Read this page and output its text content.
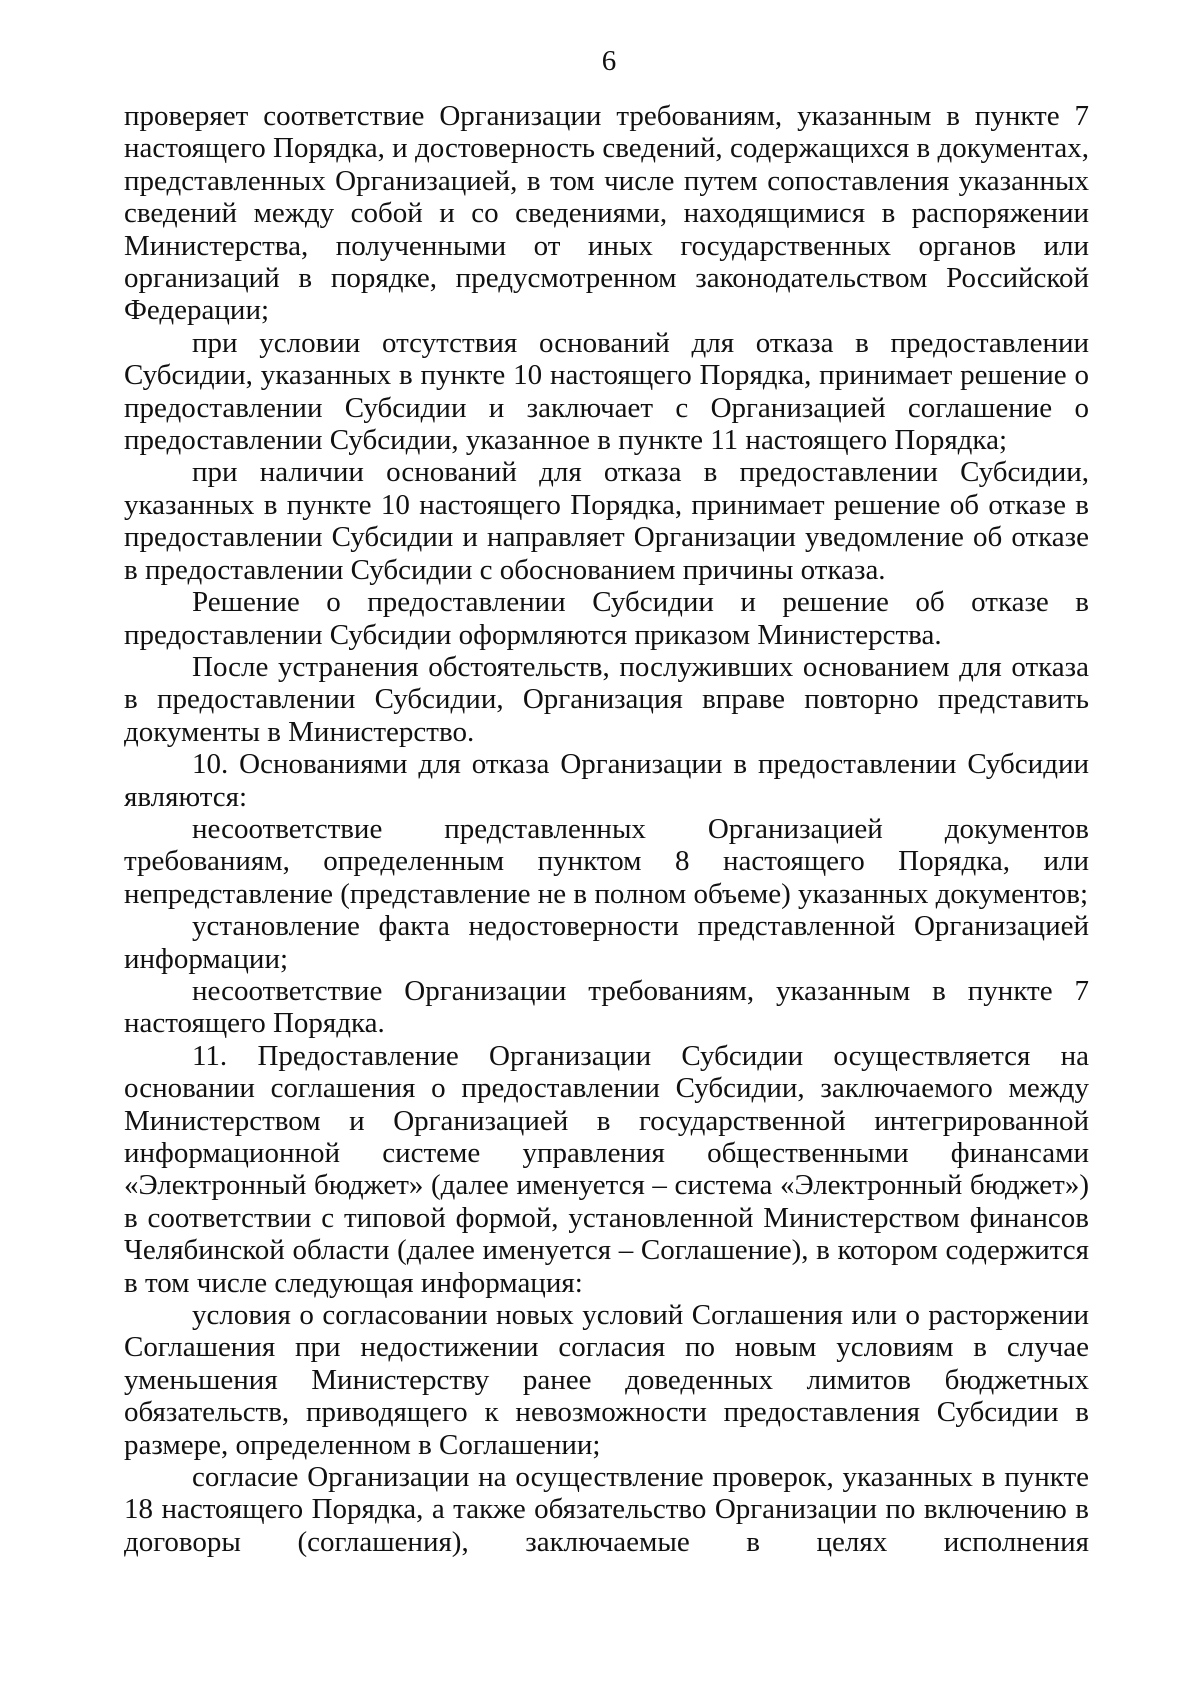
6

проверяет соответствие Организации требованиям, указанным в пункте 7 настоящего Порядка, и достоверность сведений, содержащихся в документах, представленных Организацией, в том числе путем сопоставления указанных сведений между собой и со сведениями, находящимися в распоряжении Министерства, полученными от иных государственных органов или организаций в порядке, предусмотренном законодательством Российской Федерации;

при условии отсутствия оснований для отказа в предоставлении Субсидии, указанных в пункте 10 настоящего Порядка, принимает решение о предоставлении Субсидии и заключает с Организацией соглашение о предоставлении Субсидии, указанное в пункте 11 настоящего Порядка;

при наличии оснований для отказа в предоставлении Субсидии, указанных в пункте 10 настоящего Порядка, принимает решение об отказе в предоставлении Субсидии и направляет Организации уведомление об отказе в предоставлении Субсидии с обоснованием причины отказа.

Решение о предоставлении Субсидии и решение об отказе в предоставлении Субсидии оформляются приказом Министерства.

После устранения обстоятельств, послуживших основанием для отказа в предоставлении Субсидии, Организация вправе повторно представить документы в Министерство.

10. Основаниями для отказа Организации в предоставлении Субсидии являются:

несоответствие представленных Организацией документов требованиям, определенным пунктом 8 настоящего Порядка, или непредставление (представление не в полном объеме) указанных документов;

установление факта недостоверности представленной Организацией информации;

несоответствие Организации требованиям, указанным в пункте 7 настоящего Порядка.

11. Предоставление Организации Субсидии осуществляется на основании соглашения о предоставлении Субсидии, заключаемого между Министерством и Организацией в государственной интегрированной информационной системе управления общественными финансами «Электронный бюджет» (далее именуется – система «Электронный бюджет») в соответствии с типовой формой, установленной Министерством финансов Челябинской области (далее именуется – Соглашение), в котором содержится в том числе следующая информация:

условия о согласовании новых условий Соглашения или о расторжении Соглашения при недостижении согласия по новым условиям в случае уменьшения Министерству ранее доведенных лимитов бюджетных обязательств, приводящего к невозможности предоставления Субсидии в размере, определенном в Соглашении;

согласие Организации на осуществление проверок, указанных в пункте 18 настоящего Порядка, а также обязательство Организации по включению в договоры (соглашения), заключаемые в целях исполнения
